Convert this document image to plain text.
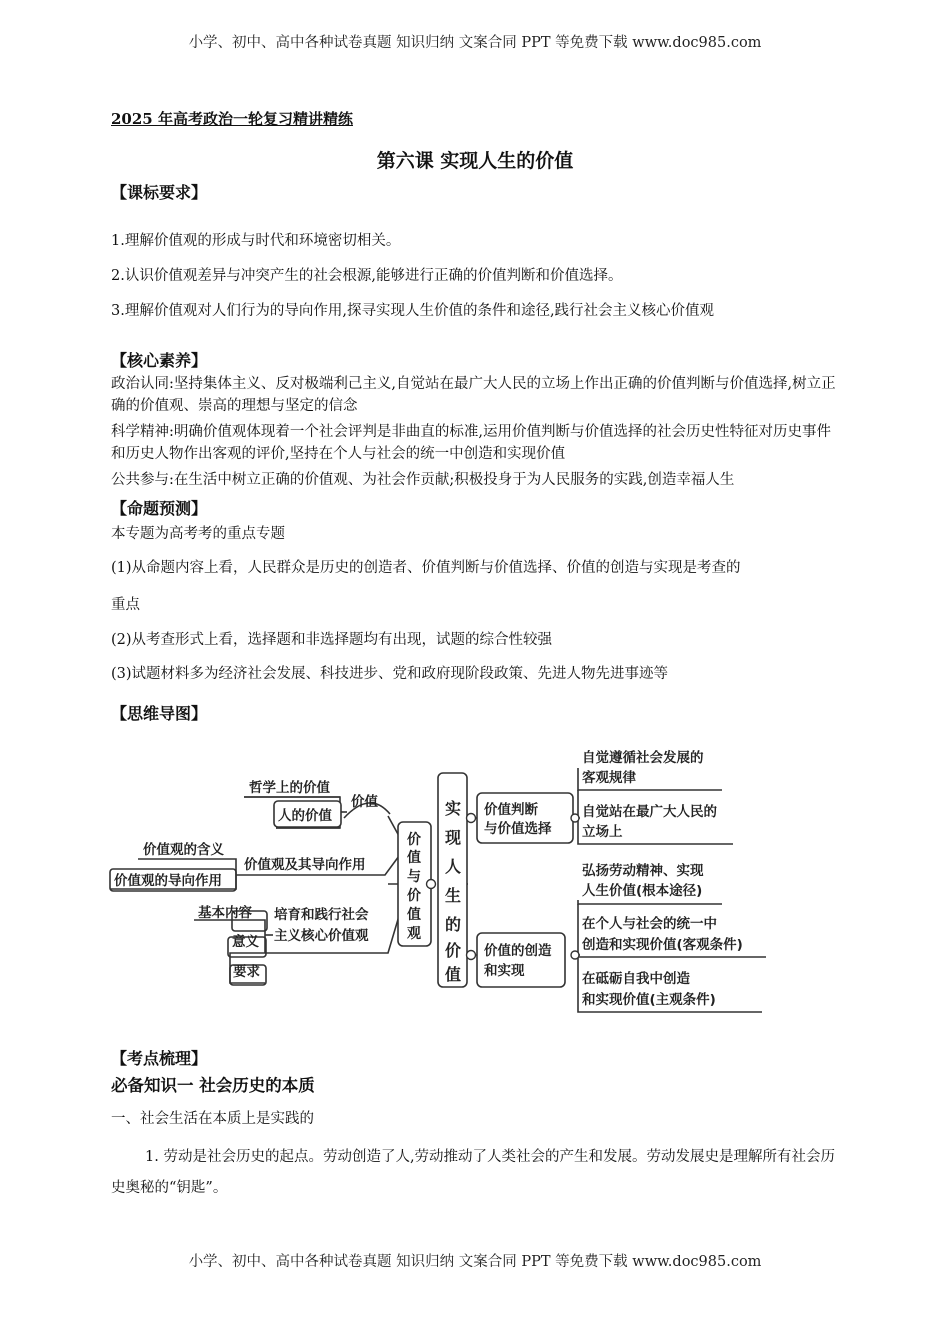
小学、初中、高中各种试卷真题 知识归纳 文案合同 PPT 等免费下载 www.doc985.com
2025 年高考政治一轮复习精讲精练
第六课 实现人生的价值
【课标要求】
1.理解价值观的形成与时代和环境密切相关。
2.认识价值观差异与冲突产生的社会根源,能够进行正确的价值判断和价值选择。
3.理解价值观对人们行为的导向作用,探寻实现人生价值的条件和途径,践行社会主义核心价值观
【核心素养】
政治认同:坚持集体主义、反对极端利己主义,自觉站在最广大人民的立场上作出正确的价值判断与价值选择,树立正确的价值观、崇高的理想与坚定的信念
科学精神:明确价值观体现着一个社会评判是非曲直的标准,运用价值判断与价值选择的社会历史性特征对历史事件和历史人物作出客观的评价,坚持在个人与社会的统一中创造和实现价值
公共参与:在生活中树立正确的价值观、为社会作贡献;积极投身于为人民服务的实践,创造幸福人生
【命题预测】
本专题为高考考的重点专题
(1)从命题内容上看，人民群众是历史的创造者、价值判断与价值选择、价值的创造与实现是考查的
重点
(2)从考查形式上看，选择题和非选择题均有出现，试题的综合性较强
(3)试题材料多为经济社会发展、科技进步、党和政府现阶段政策、先进人物先进事迹等
【思维导图】
实
现
人
生
的
价
值
价
值
与
价
值
观
价值
哲学上的价值
人的价值
价值观及其导向作用
价值观的含义
价值观的导向作用
培育和践行社会
主义核心价值观
基本内容
意义
要求
价值判断
与价值选择
价值的创造
和实现
自觉遵循社会发展的
客观规律
自觉站在最广大人民的
立场上
弘扬劳动精神、实现
人生价值(根本途径)
在个人与社会的统一中
创造和实现价值(客观条件)
在砥砺自我中创造
和实现价值(主观条件)
【考点梳理】
必备知识一 社会历史的本质
一、社会生活在本质上是实践的
1. 劳动是社会历史的起点。劳动创造了人,劳动推动了人类社会的产生和发展。劳动发展史是理解所有社会历史奥秘的“钥匙”。
小学、初中、高中各种试卷真题 知识归纳 文案合同 PPT 等免费下载 www.doc985.com
